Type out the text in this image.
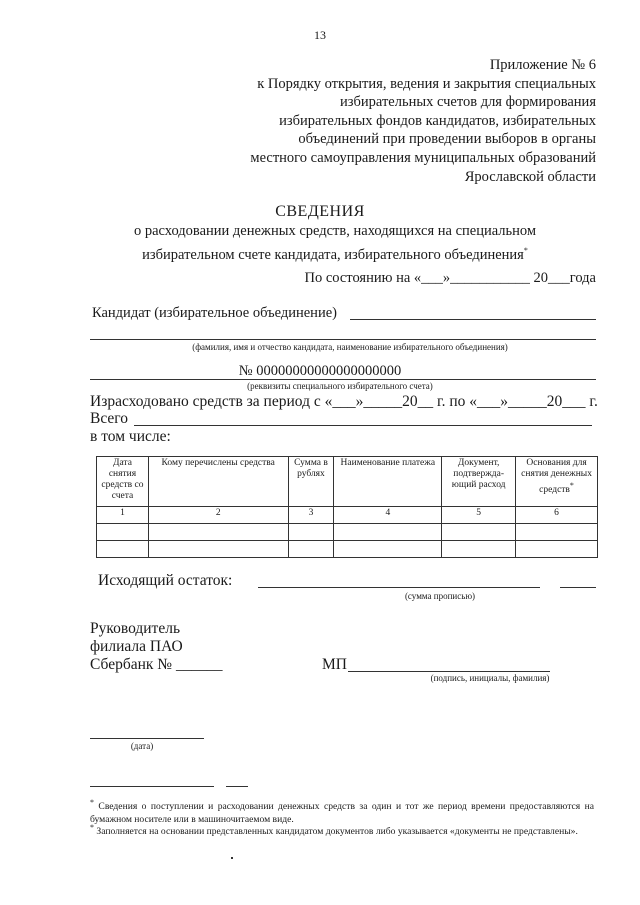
13
Приложение № 6
к Порядку открытия, ведения и закрытия специальных
избирательных счетов для формирования
избирательных фондов кандидатов, избирательных
объединений при проведении выборов в органы
местного самоуправления муниципальных образований
Ярославской области
СВЕДЕНИЯ
о расходовании денежных средств, находящихся на специальном
избирательном счете кандидата, избирательного объединения*
По состоянию на «___»___________ 20___года
Кандидат (избирательное объединение)
(фамилия, имя и отчество кандидата, наименование избирательного объединения)
№ 00000000000000000000
(реквизиты специального избирательного счета)
Израсходовано средств за период с «___»_____20__ г. по «___»_____20___ г.
Всего
в том числе:
Дата снятия средств со счета	Кому перечислены средства	Сумма в рублях	Наименование платежа	Документ, подтвержда-ющий расход	Основания для снятия денежных средств*
1	2	3	4	5	6

Исходящий остаток:
(сумма прописью)
Руководитель
филиала ПАО
Сбербанк № ______	МП
(подпись, инициалы, фамилия)
(дата)
* Сведения о поступлении и расходовании денежных средств за один и тот же период времени предоставляются на бумажном носителе или в машиночитаемом виде.
* Заполняется на основании представленных кандидатом документов либо указывается «документы не представлены».
